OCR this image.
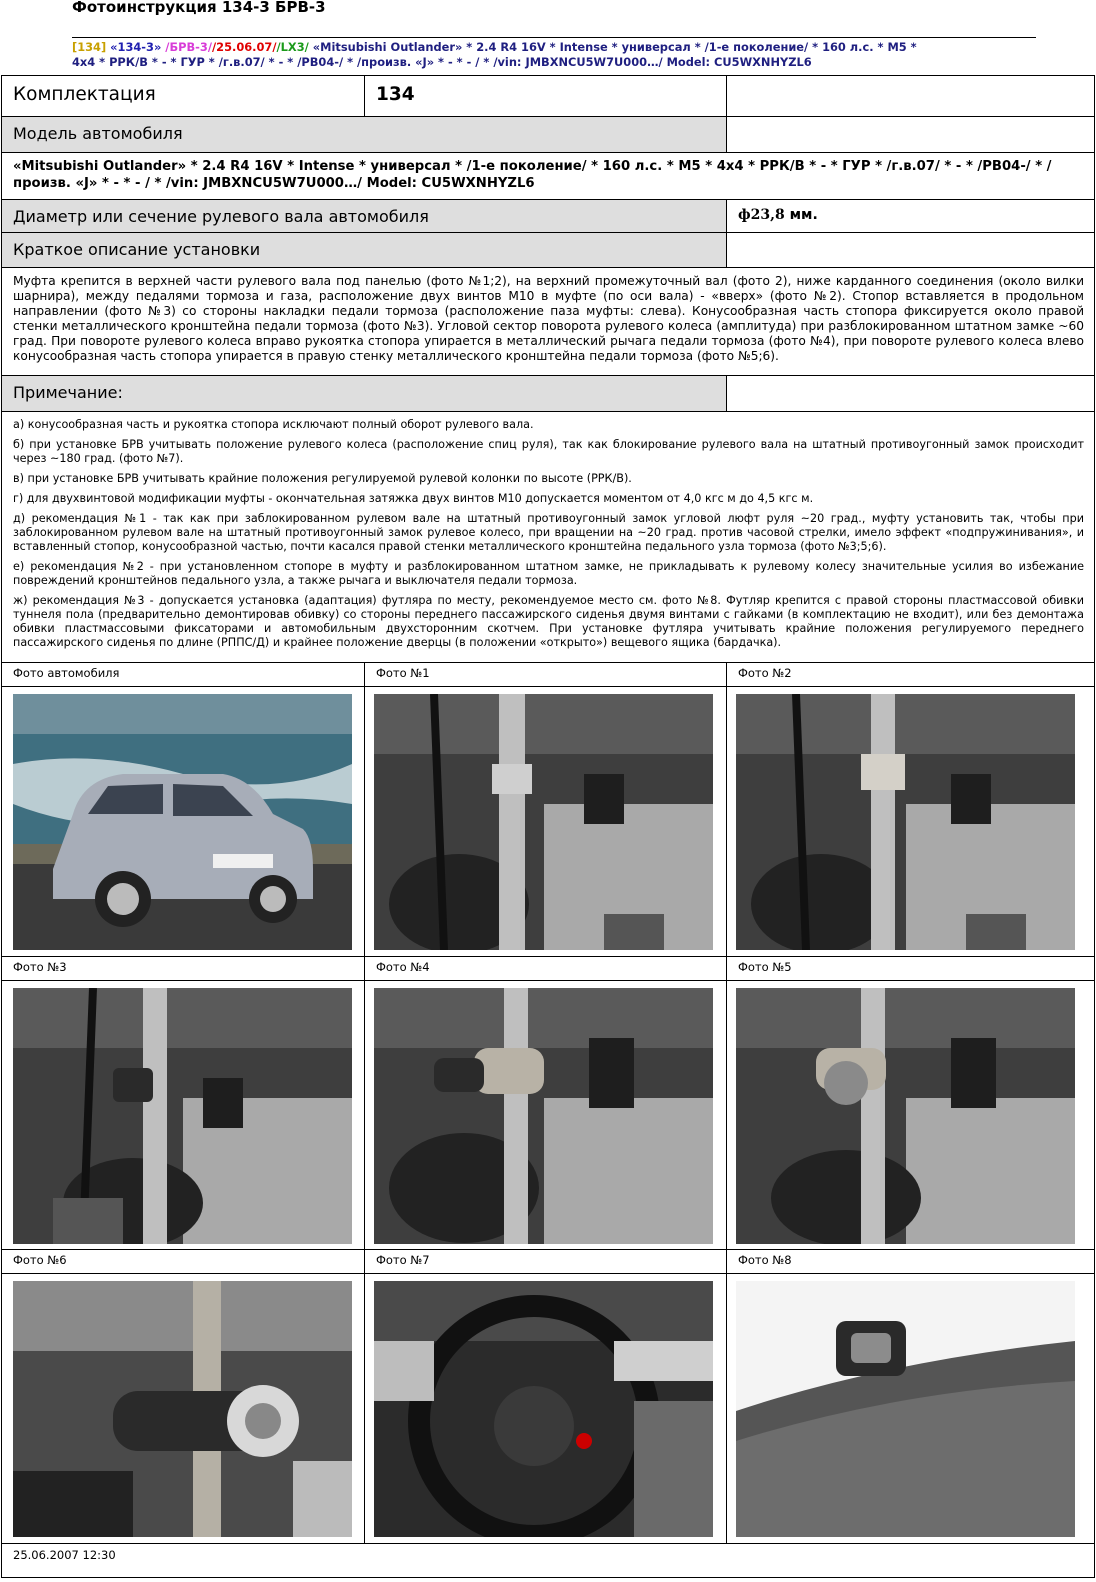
Фотоинструкция 134-3 БРВ-3
[134] «134-3» /БРВ-3//25.06.07//LX3/ «Mitsubishi Outlander» * 2.4 R4 16V * Intense * универсал * /1-е поколение/ * 160 л.с. * M5 *
4x4 * РРК/В * - * ГУР * /г.в.07/ * - * /PB04-/ * /произв. «J» * - * - / * /vin: JMBXNCU5W7U000…/ Model: CU5WXNHYZL6
Комплектация	134
Модель автомобиля
«Mitsubishi Outlander» * 2.4 R4 16V * Intense * универсал * /1-е поколение/ * 160 л.с. * M5 * 4x4 * РРК/В * - * ГУР * /г.в.07/ * - * /PB04-/ * /произв. «J» * - * - / * /vin: JMBXNCU5W7U000…/ Model: CU5WXNHYZL6
Диаметр или сечение рулевого вала автомобиля	ф23,8 мм.
Краткое описание установки
Муфта крепится в верхней части рулевого вала под панелью (фото №1;2), на верхний промежуточный вал (фото 2), ниже карданного соединения (около вилки шарнира), между педалями тормоза и газа, расположение двух винтов М10 в муфте (по оси вала) - «вверх» (фото №2). Стопор вставляется в продольном направлении (фото №3) со стороны накладки педали тормоза (расположение паза муфты: слева). Конусообразная часть стопора фиксируется около правой стенки металлического кронштейна педали тормоза (фото №3). Угловой сектор поворота рулевого колеса (амплитуда) при разблокированном штатном замке ~60 град. При повороте рулевого колеса вправо рукоятка стопора упирается в металлический рычага педали тормоза (фото №4), при повороте рулевого колеса влево конусообразная часть стопора упирается в правую стенку металлического кронштейна педали тормоза (фото №5;6).
Примечание:

а) конусообразная часть и рукоятка стопора исключают полный оборот рулевого вала.

б) при установке БРВ учитывать положение рулевого колеса (расположение спиц руля), так как блокирование рулевого вала на штатный противоугонный замок происходит через ~180 град. (фото №7).

в) при установке БРВ учитывать крайние положения регулируемой рулевой колонки по высоте (РРК/В).

г) для двухвинтовой модификации муфты - окончательная затяжка двух винтов М10 допускается моментом от 4,0 кгс м до 4,5 кгс м.

д) рекомендация №1 - так как при заблокированном рулевом вале на штатный противоугонный замок угловой люфт руля ~20 град., муфту установить так, чтобы при заблокированном рулевом вале на штатный противоугонный замок рулевое колесо, при вращении на ~20 град. против часовой стрелки, имело эффект «подпружинивания», и вставленный стопор, конусообразной частью, почти касался правой стенки металлического кронштейна педального узла тормоза (фото №3;5;6).

е) рекомендация №2 - при установленном стопоре в муфту и разблокированном штатном замке, не прикладывать к рулевому колесу значительные усилия во избежание повреждений кронштейнов педального узла, а также рычага и выключателя педали тормоза.

ж) рекомендация №3 - допускается установка (адаптация) футляра по месту, рекомендуемое место см. фото №8. Футляр крепится с правой стороны пластмассовой обивки туннеля пола (предварительно демонтировав обивку) со стороны переднего пассажирского сиденья двумя винтами с гайками (в комплектацию не входит), или без демонтажа обивки пластмассовыми фиксаторами и автомобильным двухсторонним скотчем. При установке футляра учитывать крайние положения регулируемого переднего пассажирского сиденья по длине (РППС/Д) и крайнее положение дверцы (в положении «открыто») вещевого ящика (бардачка).

Фото автомобиля	Фото №1	Фото №2
Фото №3	Фото №4	Фото №5
Фото №6	Фото №7	Фото №8
25.06.2007 12:30
